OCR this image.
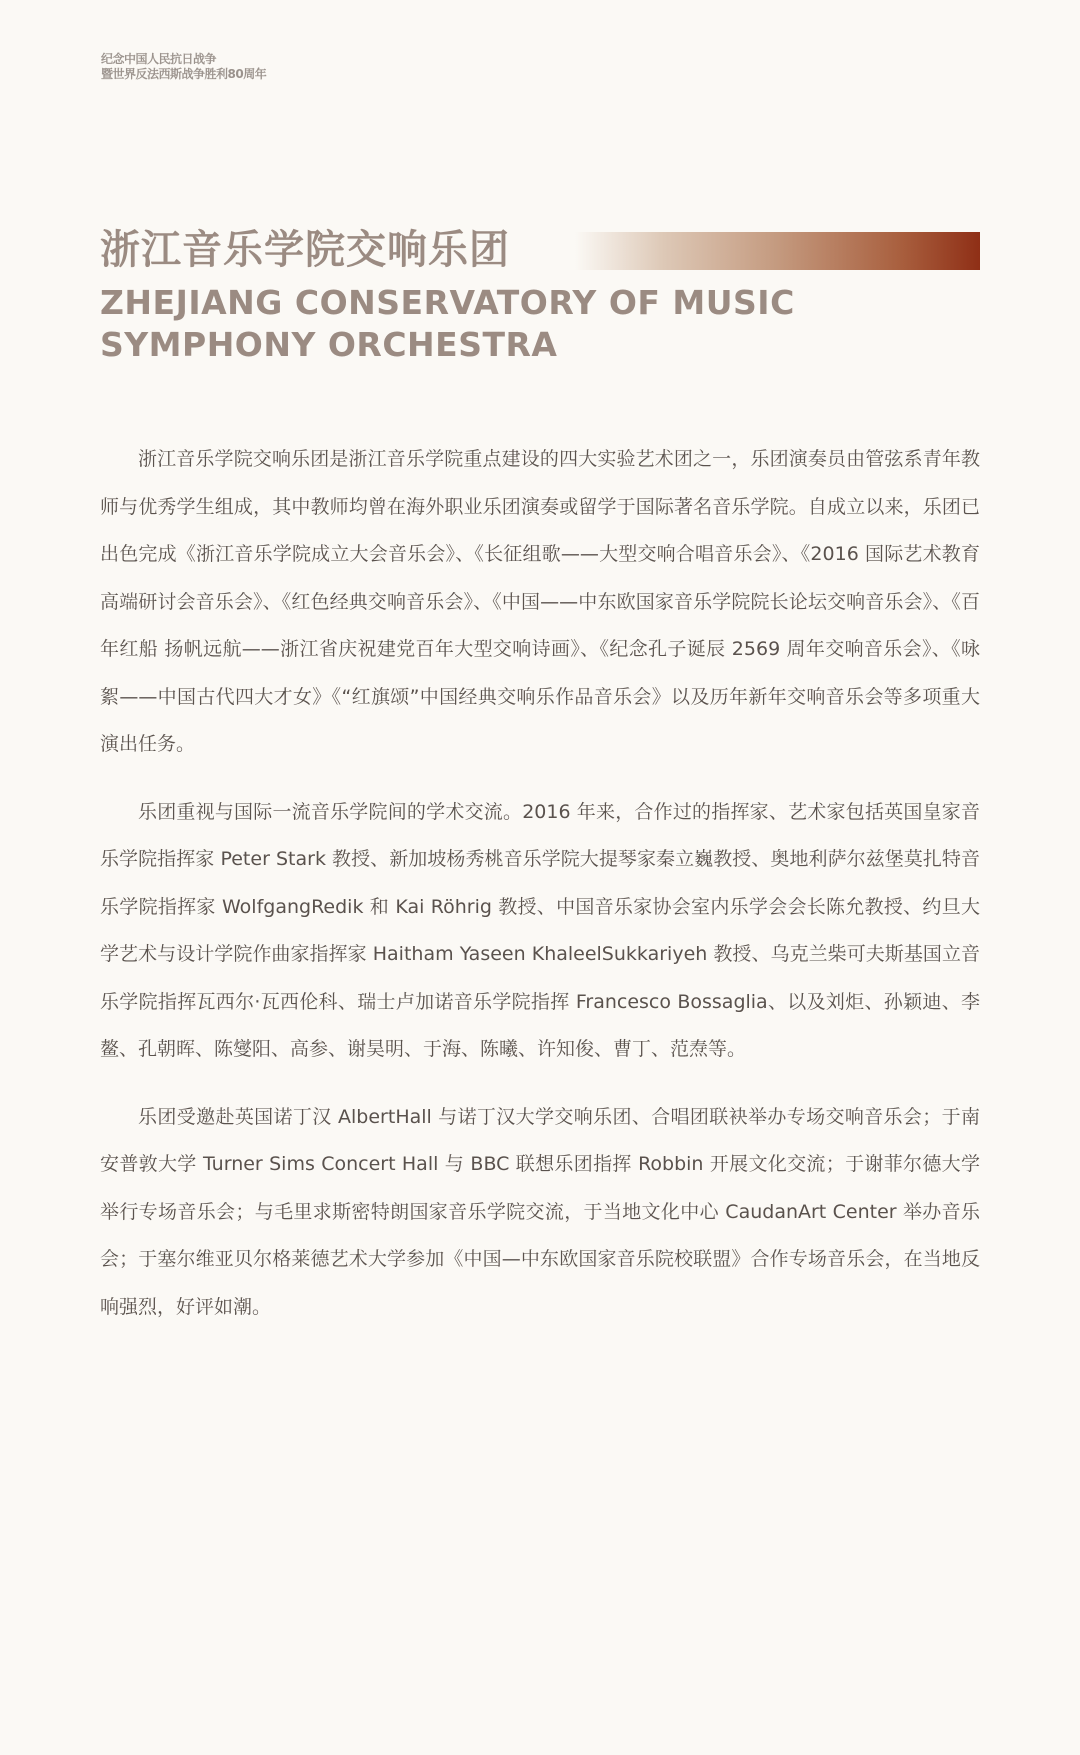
纪念中国人民抗日战争
暨世界反法西斯战争胜利80周年
浙江音乐学院交响乐团
ZHEJIANG CONSERVATORY OF MUSIC
SYMPHONY ORCHESTRA

浙江音乐学院交响乐团是浙江音乐学院重点建设的四大实验艺术团之一，乐团演奏员由管弦系青年教师与优秀学生组成，其中教师均曾在海外职业乐团演奏或留学于国际著名音乐学院。自成立以来，乐团已出色完成《浙江音乐学院成立大会音乐会》、《长征组歌——大型交响合唱音乐会》、《2016 国际艺术教育高端研讨会音乐会》、《红色经典交响音乐会》、《中国——中东欧国家音乐学院院长论坛交响音乐会》、《百年红船 扬帆远航——浙江省庆祝建党百年大型交响诗画》、《纪念孔子诞辰 2569 周年交响音乐会》、《咏絮——中国古代四大才女》《“红旗颂”中国经典交响乐作品音乐会》以及历年新年交响音乐会等多项重大演出任务。

乐团重视与国际一流音乐学院间的学术交流。2016 年来，合作过的指挥家、艺术家包括英国皇家音乐学院指挥家 Peter Stark 教授、新加坡杨秀桃音乐学院大提琴家秦立巍教授、奥地利萨尔兹堡莫扎特音乐学院指挥家 WolfgangRedik 和 Kai Röhrig 教授、中国音乐家协会室内乐学会会长陈允教授、约旦大学艺术与设计学院作曲家指挥家 Haitham Yaseen KhaleelSukkariyeh 教授、乌克兰柴可夫斯基国立音乐学院指挥瓦西尔·瓦西伦科、瑞士卢加诺音乐学院指挥 Francesco Bossaglia、以及刘炬、孙颖迪、李鳌、孔朝晖、陈燮阳、高参、谢昊明、于海、陈曦、许知俊、曹丁、范焘等。

乐团受邀赴英国诺丁汉 AlbertHall 与诺丁汉大学交响乐团、合唱团联袂举办专场交响音乐会；于南安普敦大学 Turner Sims Concert Hall 与 BBC 联想乐团指挥 Robbin 开展文化交流；于谢菲尔德大学举行专场音乐会；与毛里求斯密特朗国家音乐学院交流，于当地文化中心 CaudanArt Center 举办音乐会；于塞尔维亚贝尔格莱德艺术大学参加《中国—中东欧国家音乐院校联盟》合作专场音乐会，在当地反响强烈，好评如潮。
